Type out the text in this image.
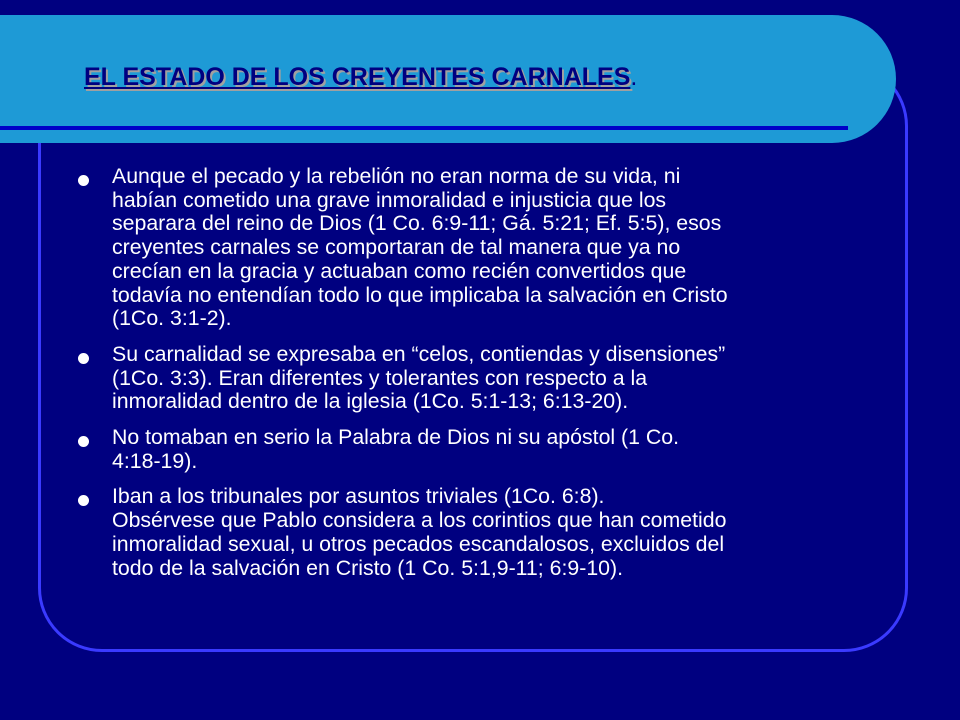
EL ESTADO DE LOS CREYENTES CARNALES.
Aunque el pecado y la rebelión no eran norma de su vida, ni
habían cometido una grave inmoralidad e injusticia que los
separara del reino de Dios (1 Co. 6:9-11; Gá. 5:21; Ef. 5:5), esos
creyentes carnales se comportaran de tal manera que ya no
crecían en la gracia y actuaban como recién convertidos que
todavía no entendían todo lo que implicaba la salvación en Cristo
(1Co. 3:1-2).
Su carnalidad se expresaba en “celos, contiendas y disensiones”
(1Co. 3:3). Eran diferentes y tolerantes con respecto a la
inmoralidad dentro de la iglesia (1Co. 5:1-13; 6:13-20).
No tomaban en serio la Palabra de Dios ni su apóstol (1 Co.
4:18-19).
Iban a los tribunales por asuntos triviales (1Co. 6:8).
Obsérvese que Pablo considera a los corintios que han cometido
inmoralidad sexual, u otros pecados escandalosos, excluidos del
todo de la salvación en Cristo (1 Co. 5:1,9-11; 6:9-10).
